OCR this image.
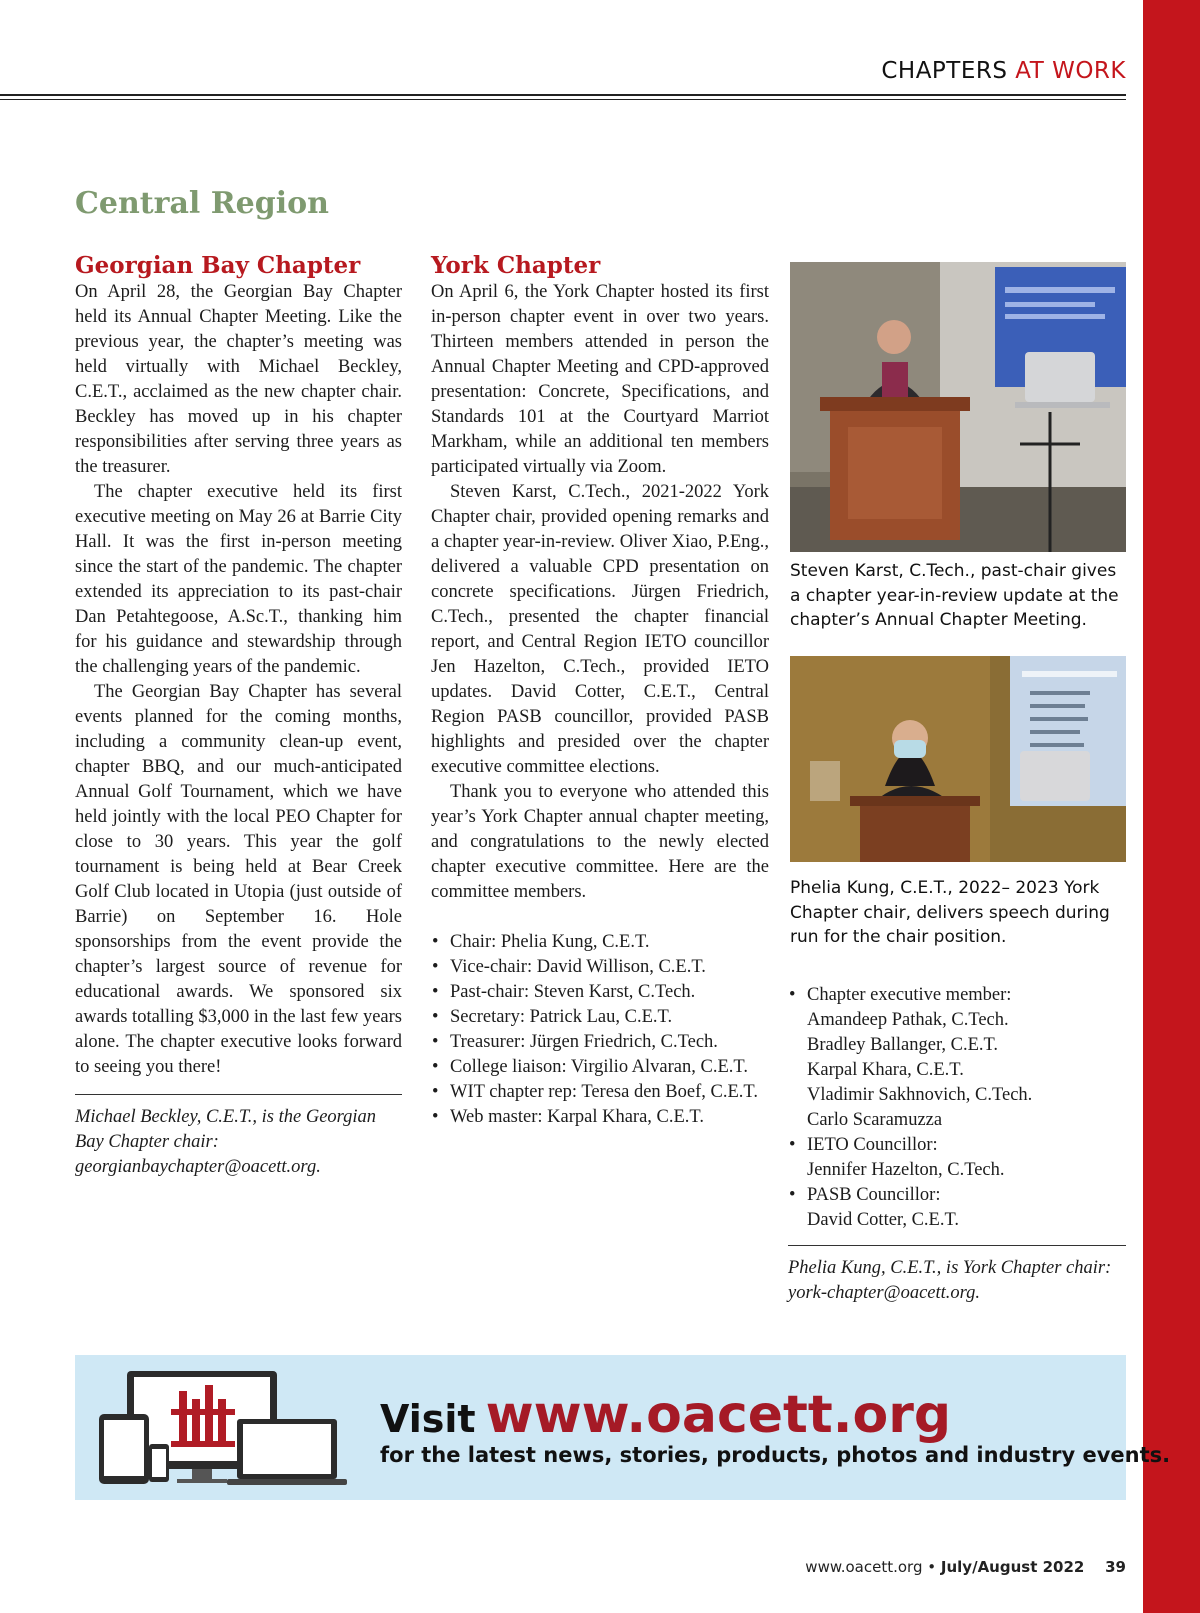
CHAPTERS AT WORK
Central Region
Georgian Bay Chapter

On April 28, the Georgian Bay Chapter held its Annual Chapter Meeting. Like the previous year, the chapter’s meeting was held virtually with Michael Beckley, C.E.T., acclaimed as the new chapter chair. Beckley has moved up in his chapter responsibilities after serving three years as the treasurer.

The chapter executive held its first executive meeting on May 26 at Barrie City Hall. It was the first in-person meeting since the start of the pandemic. The chapter extended its appreciation to its past-chair Dan Petahtegoose, A.Sc.T., thanking him for his guidance and stewardship through the challenging years of the pandemic.

The Georgian Bay Chapter has several events planned for the coming months, including a community clean-up event, chapter BBQ, and our much-anticipated Annual Golf Tournament, which we have held jointly with the local PEO Chapter for close to 30 years. This year the golf tournament is being held at Bear Creek Golf Club located in Utopia (just outside of Barrie) on September 16. Hole sponsorships from the event provide the chapter’s largest source of revenue for educational awards. We sponsored six awards totalling $3,000 in the last few years alone. The chapter executive looks forward to seeing you there!

Michael Beckley, C.E.T., is the Georgian Bay Chapter chair: georgianbaychapter@oacett.org.

York Chapter

On April 6, the York Chapter hosted its first in-person chapter event in over two years. Thirteen members attended in person the Annual Chapter Meeting and CPD-approved presentation: Concrete, Specifications, and Standards 101 at the Courtyard Marriot Markham, while an additional ten members participated virtually via Zoom.

Steven Karst, C.Tech., 2021-2022 York Chapter chair, provided opening remarks and a chapter year-in-review. Oliver Xiao, P.Eng., delivered a valuable CPD presentation on concrete specifications. Jürgen Friedrich, C.Tech., presented the chapter financial report, and Central Region IETO councillor Jen Hazelton, C.Tech., provided IETO updates. David Cotter, C.E.T., Central Region PASB councillor, provided PASB highlights and presided over the chapter executive committee elections.

Thank you to everyone who attended this year’s York Chapter annual chapter meeting, and congratulations to the newly elected chapter executive committee. Here are the committee members.

• Chair: Phelia Kung, C.E.T.
• Vice-chair: David Willison, C.E.T.
• Past-chair: Steven Karst, C.Tech.
• Secretary: Patrick Lau, C.E.T.
• Treasurer: Jürgen Friedrich, C.Tech.
• College liaison: Virgilio Alvaran, C.E.T.
• WIT chapter rep: Teresa den Boef, C.E.T.
• Web master: Karpal Khara, C.E.T.
Steven Karst, C.Tech., past-chair gives a chapter year-in-review update at the chapter’s Annual Chapter Meeting.
Phelia Kung, C.E.T., 2022– 2023 York Chapter chair, delivers speech during run for the chair position.
• Chapter executive member:
Amandeep Pathak, C.Tech.
Bradley Ballanger, C.E.T.
Karpal Khara, C.E.T.
Vladimir Sakhnovich, C.Tech.
Carlo Scaramuzza
• IETO Councillor:
Jennifer Hazelton, C.Tech.
• PASB Councillor:
David Cotter, C.E.T.

Phelia Kung, C.E.T., is York Chapter chair: york-chapter@oacett.org.

Visit www.oacett.org
for the latest news, stories, products, photos and industry events.
www.oacett.org • July/August 2022 39
